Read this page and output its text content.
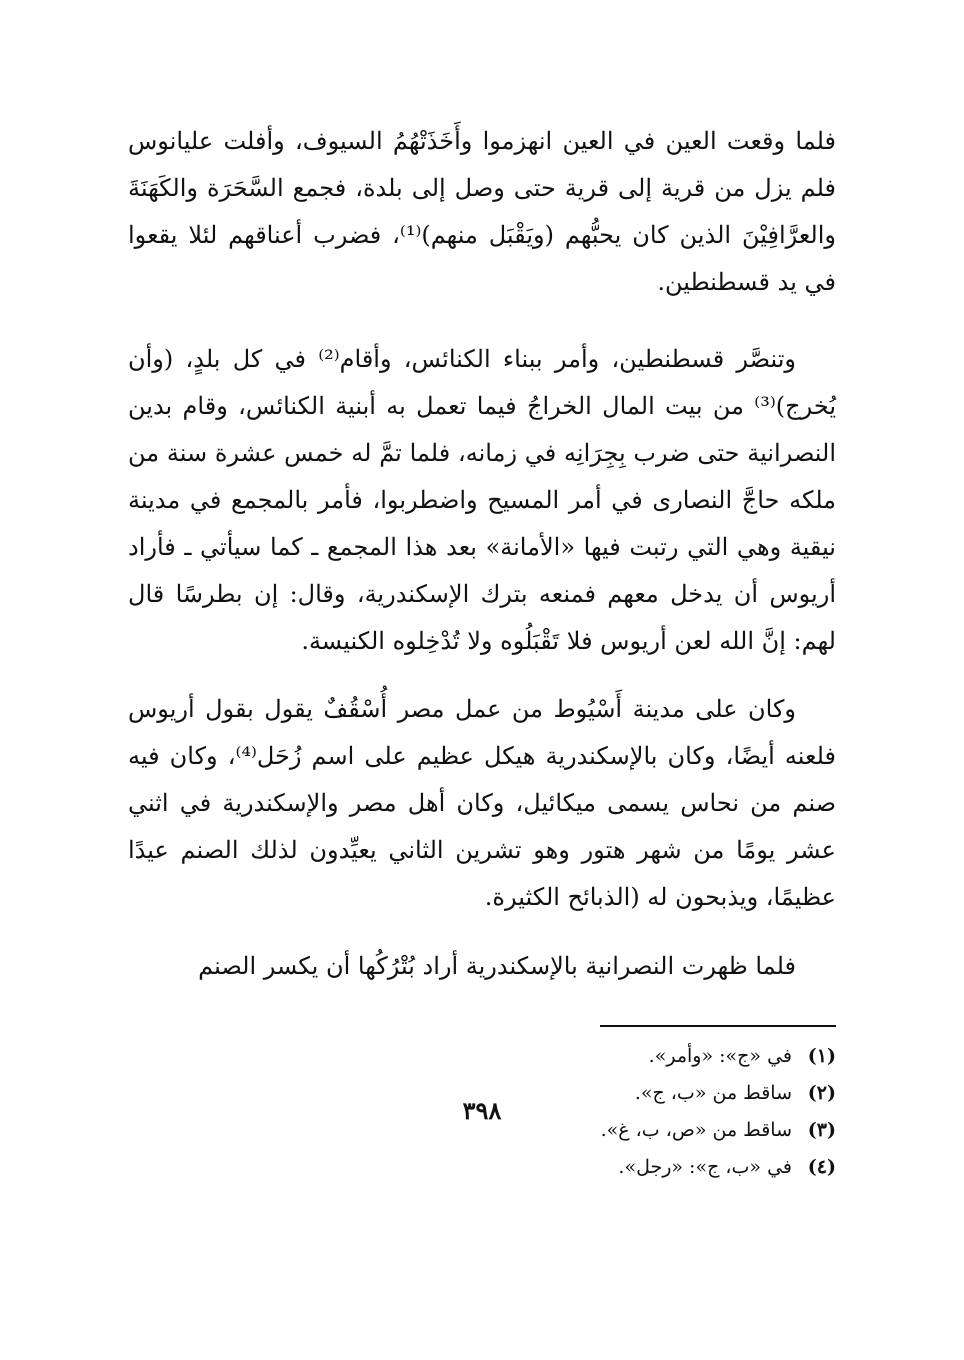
فلما وقعت العين في العين انهزموا وأَخَذَتْهُمُ السيوف، وأفلت عليانوس فلم يزل من قرية إلى قرية حتى وصل إلى بلدة، فجمع السَّحَرَة والكَهَنَةَ والعرَّافِيْنَ الذين كان يحبُّهم (ويَقْبَل منهم)⁽¹⁾، فضرب أعناقهم لئلا يقعوا في يد قسطنطين.

وتنصَّر قسطنطين، وأمر ببناء الكنائس، وأقام⁽²⁾ في كل بلدٍ، (وأن يُخرج)⁽³⁾ من بيت المال الخراجُ فيما تعمل به أبنية الكنائس، وقام بدين النصرانية حتى ضرب بِجِرَانِه في زمانه، فلما تمَّ له خمس عشرة سنة من ملكه حاجَّ النصارى في أمر المسيح واضطربوا، فأمر بالمجمع في مدينة نيقية وهي التي رتبت فيها «الأمانة» بعد هذا المجمع ـ كما سيأتي ـ فأراد أريوس أن يدخل معهم فمنعه بترك الإسكندرية، وقال: إن بطرسًا قال لهم: إنَّ الله لعن أريوس فلا تَقْبَلُوه ولا تُدْخِلوه الكنيسة.

وكان على مدينة أَسْيُوط من عمل مصر أُسْقُفٌ يقول بقول أريوس فلعنه أيضًا، وكان بالإسكندرية هيكل عظيم على اسم زُحَل⁽⁴⁾، وكان فيه صنم من نحاس يسمى ميكائيل، وكان أهل مصر والإسكندرية في اثني عشر يومًا من شهر هتور وهو تشرين الثاني يعيِّدون لذلك الصنم عيدًا عظيمًا، ويذبحون له (الذبائح الكثيرة.

فلما ظهرت النصرانية بالإسكندرية أراد بُتْرُكُها أن يكسر الصنم

(١)
في «ج»: «وأمر».
(٢)
ساقط من «ب، ج».
(٣)
ساقط من «ص، ب، غ».
(٤)
في «ب، ج»: «رجل».
٣٩٨
